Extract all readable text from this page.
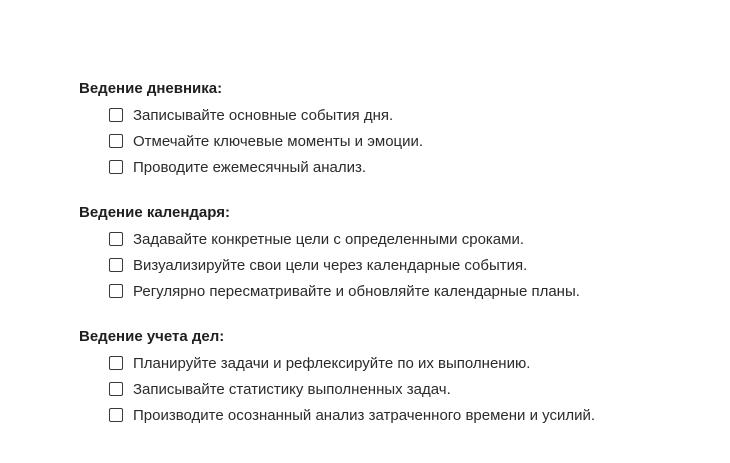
Ведение дневника:
Записывайте основные события дня.
Отмечайте ключевые моменты и эмоции.
Проводите ежемесячный анализ.
Ведение календаря:
Задавайте конкретные цели с определенными сроками.
Визуализируйте свои цели через календарные события.
Регулярно пересматривайте и обновляйте календарные планы.
Ведение учета дел:
Планируйте задачи и рефлексируйте по их выполнению.
Записывайте статистику выполненных задач.
Производите осознанный анализ затраченного времени и усилий.
